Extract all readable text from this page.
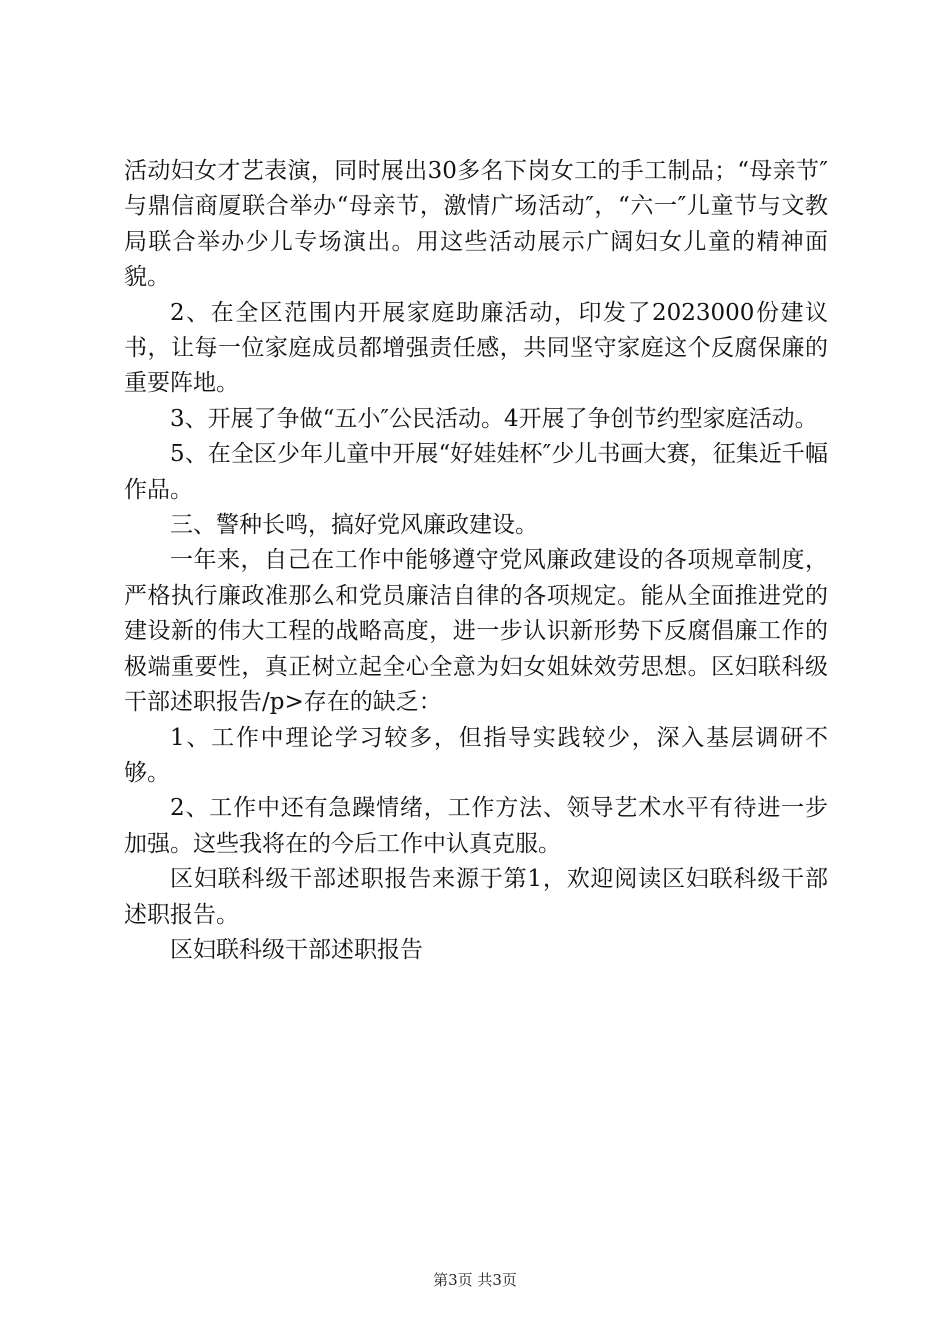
活动妇女才艺表演，同时展出30多名下岗女工的手工制品；“母亲节″与鼎信商厦联合举办“母亲节，激情广场活动″，“六一″儿童节与文教局联合举办少儿专场演出。用这些活动展示广阔妇女儿童的精神面貌。

2、在全区范围内开展家庭助廉活动，印发了2023000份建议书，让每一位家庭成员都增强责任感，共同坚守家庭这个反腐保廉的重要阵地。

3、开展了争做“五小″公民活动。4开展了争创节约型家庭活动。

5、在全区少年儿童中开展“好娃娃杯″少儿书画大赛，征集近千幅作品。

三、警种长鸣，搞好党风廉政建设。

一年来，自己在工作中能够遵守党风廉政建设的各项规章制度，严格执行廉政准那么和党员廉洁自律的各项规定。能从全面推进党的建设新的伟大工程的战略高度，进一步认识新形势下反腐倡廉工作的极端重要性，真正树立起全心全意为妇女姐妹效劳思想。区妇联科级干部述职报告/p>存在的缺乏：

1、工作中理论学习较多，但指导实践较少，深入基层调研不够。

2、工作中还有急躁情绪，工作方法、领导艺术水平有待进一步加强。这些我将在的今后工作中认真克服。

区妇联科级干部述职报告来源于第1，欢迎阅读区妇联科级干部述职报告。

区妇联科级干部述职报告

第3页 共3页
